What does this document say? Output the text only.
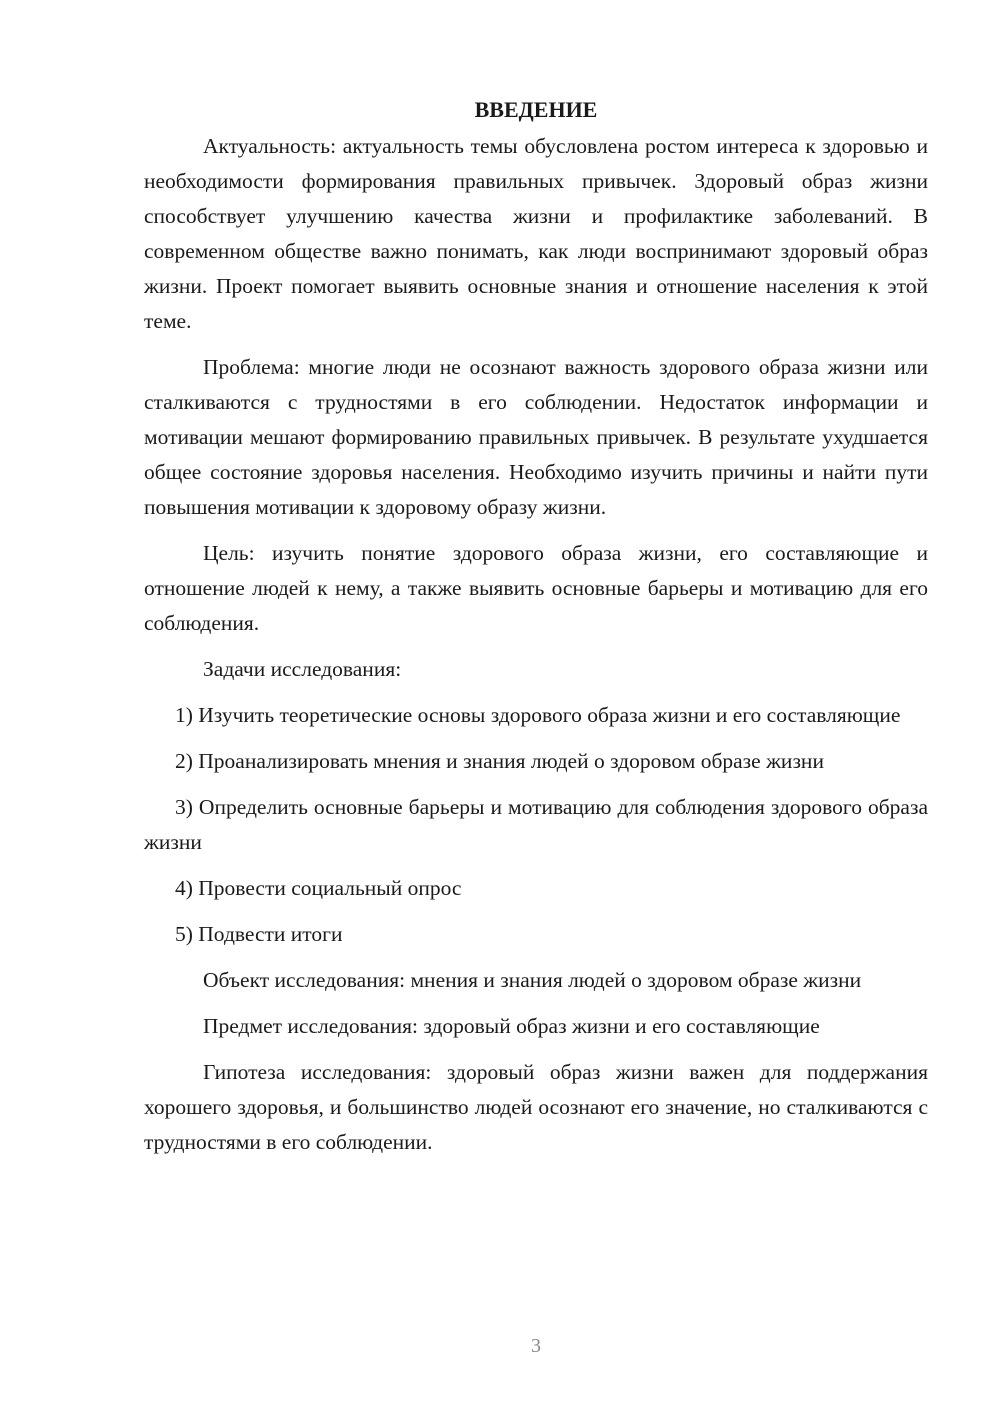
ВВЕДЕНИЕ

Актуальность: актуальность темы обусловлена ростом интереса к здоровью и необходимости формирования правильных привычек. Здоровый образ жизни способствует улучшению качества жизни и профилактике заболеваний. В современном обществе важно понимать, как люди воспринимают здоровый образ жизни. Проект помогает выявить основные знания и отношение населения к этой теме.

Проблема: многие люди не осознают важность здорового образа жизни или сталкиваются с трудностями в его соблюдении. Недостаток информации и мотивации мешают формированию правильных привычек. В результате ухудшается общее состояние здоровья населения. Необходимо изучить причины и найти пути повышения мотивации к здоровому образу жизни.

Цель: изучить понятие здорового образа жизни, его составляющие и отношение людей к нему, а также выявить основные барьеры и мотивацию для его соблюдения.

Задачи исследования:

1) Изучить теоретические основы здорового образа жизни и его составляющие

2) Проанализировать мнения и знания людей о здоровом образе жизни

3) Определить основные барьеры и мотивацию для соблюдения здорового образа жизни

4) Провести социальный опрос

5) Подвести итоги

Объект исследования: мнения и знания людей о здоровом образе жизни

Предмет исследования: здоровый образ жизни и его составляющие

Гипотеза исследования: здоровый образ жизни важен для поддержания хорошего здоровья, и большинство людей осознают его значение, но сталкиваются с трудностями в его соблюдении.

3
